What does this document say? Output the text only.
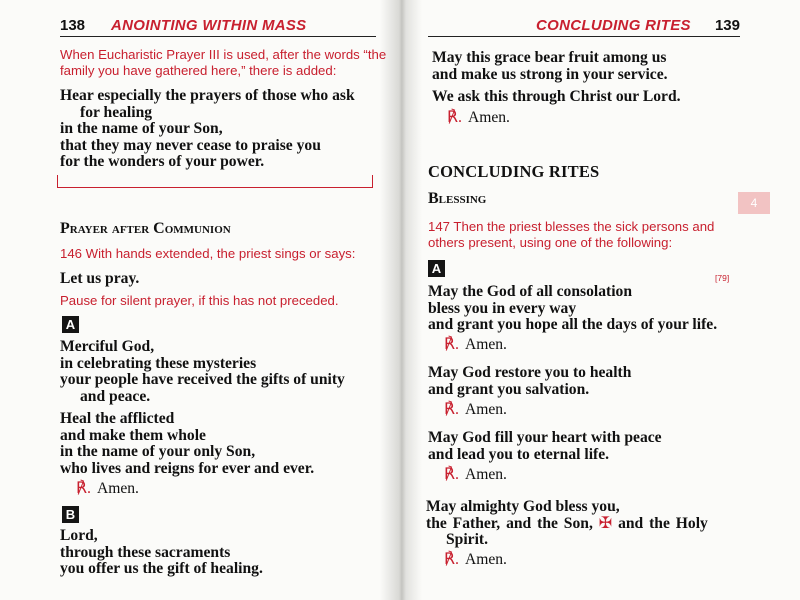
138 ANOINTING WITHIN MASS
When Eucharistic Prayer III is used, after the words “the
family you have gathered here,” there is added:
Hear especially the prayers of those who ask
for healing
in the name of your Son,
that they may never cease to praise you
for the wonders of your power.
Prayer after Communion
146 With hands extended, the priest sings or says:
Let us pray.
Pause for silent prayer, if this has not preceded.
A
Merciful God,
in celebrating these mysteries
your people have received the gifts of unity
and peace.
Heal the afflicted
and make them whole
in the name of your only Son,
who lives and reigns for ever and ever.
℟. Amen.
B
Lord,
through these sacraments
you offer us the gift of healing.
CONCLUDING RITES 139
May this grace bear fruit among us
and make us strong in your service.
We ask this through Christ our Lord.
℟. Amen.
CONCLUDING RITES
Blessing	4
147 Then the priest blesses the sick persons and
others present, using one of the following:
A
[79]
May the God of all consolation
bless you in every way
and grant you hope all the days of your life.
℟. Amen.
May God restore you to health
and grant you salvation.
℟. Amen.
May God fill your heart with peace
and lead you to eternal life.
℟. Amen.
May almighty God bless you,
the Father, and the Son, ✠ and the Holy
Spirit.
℟. Amen.
